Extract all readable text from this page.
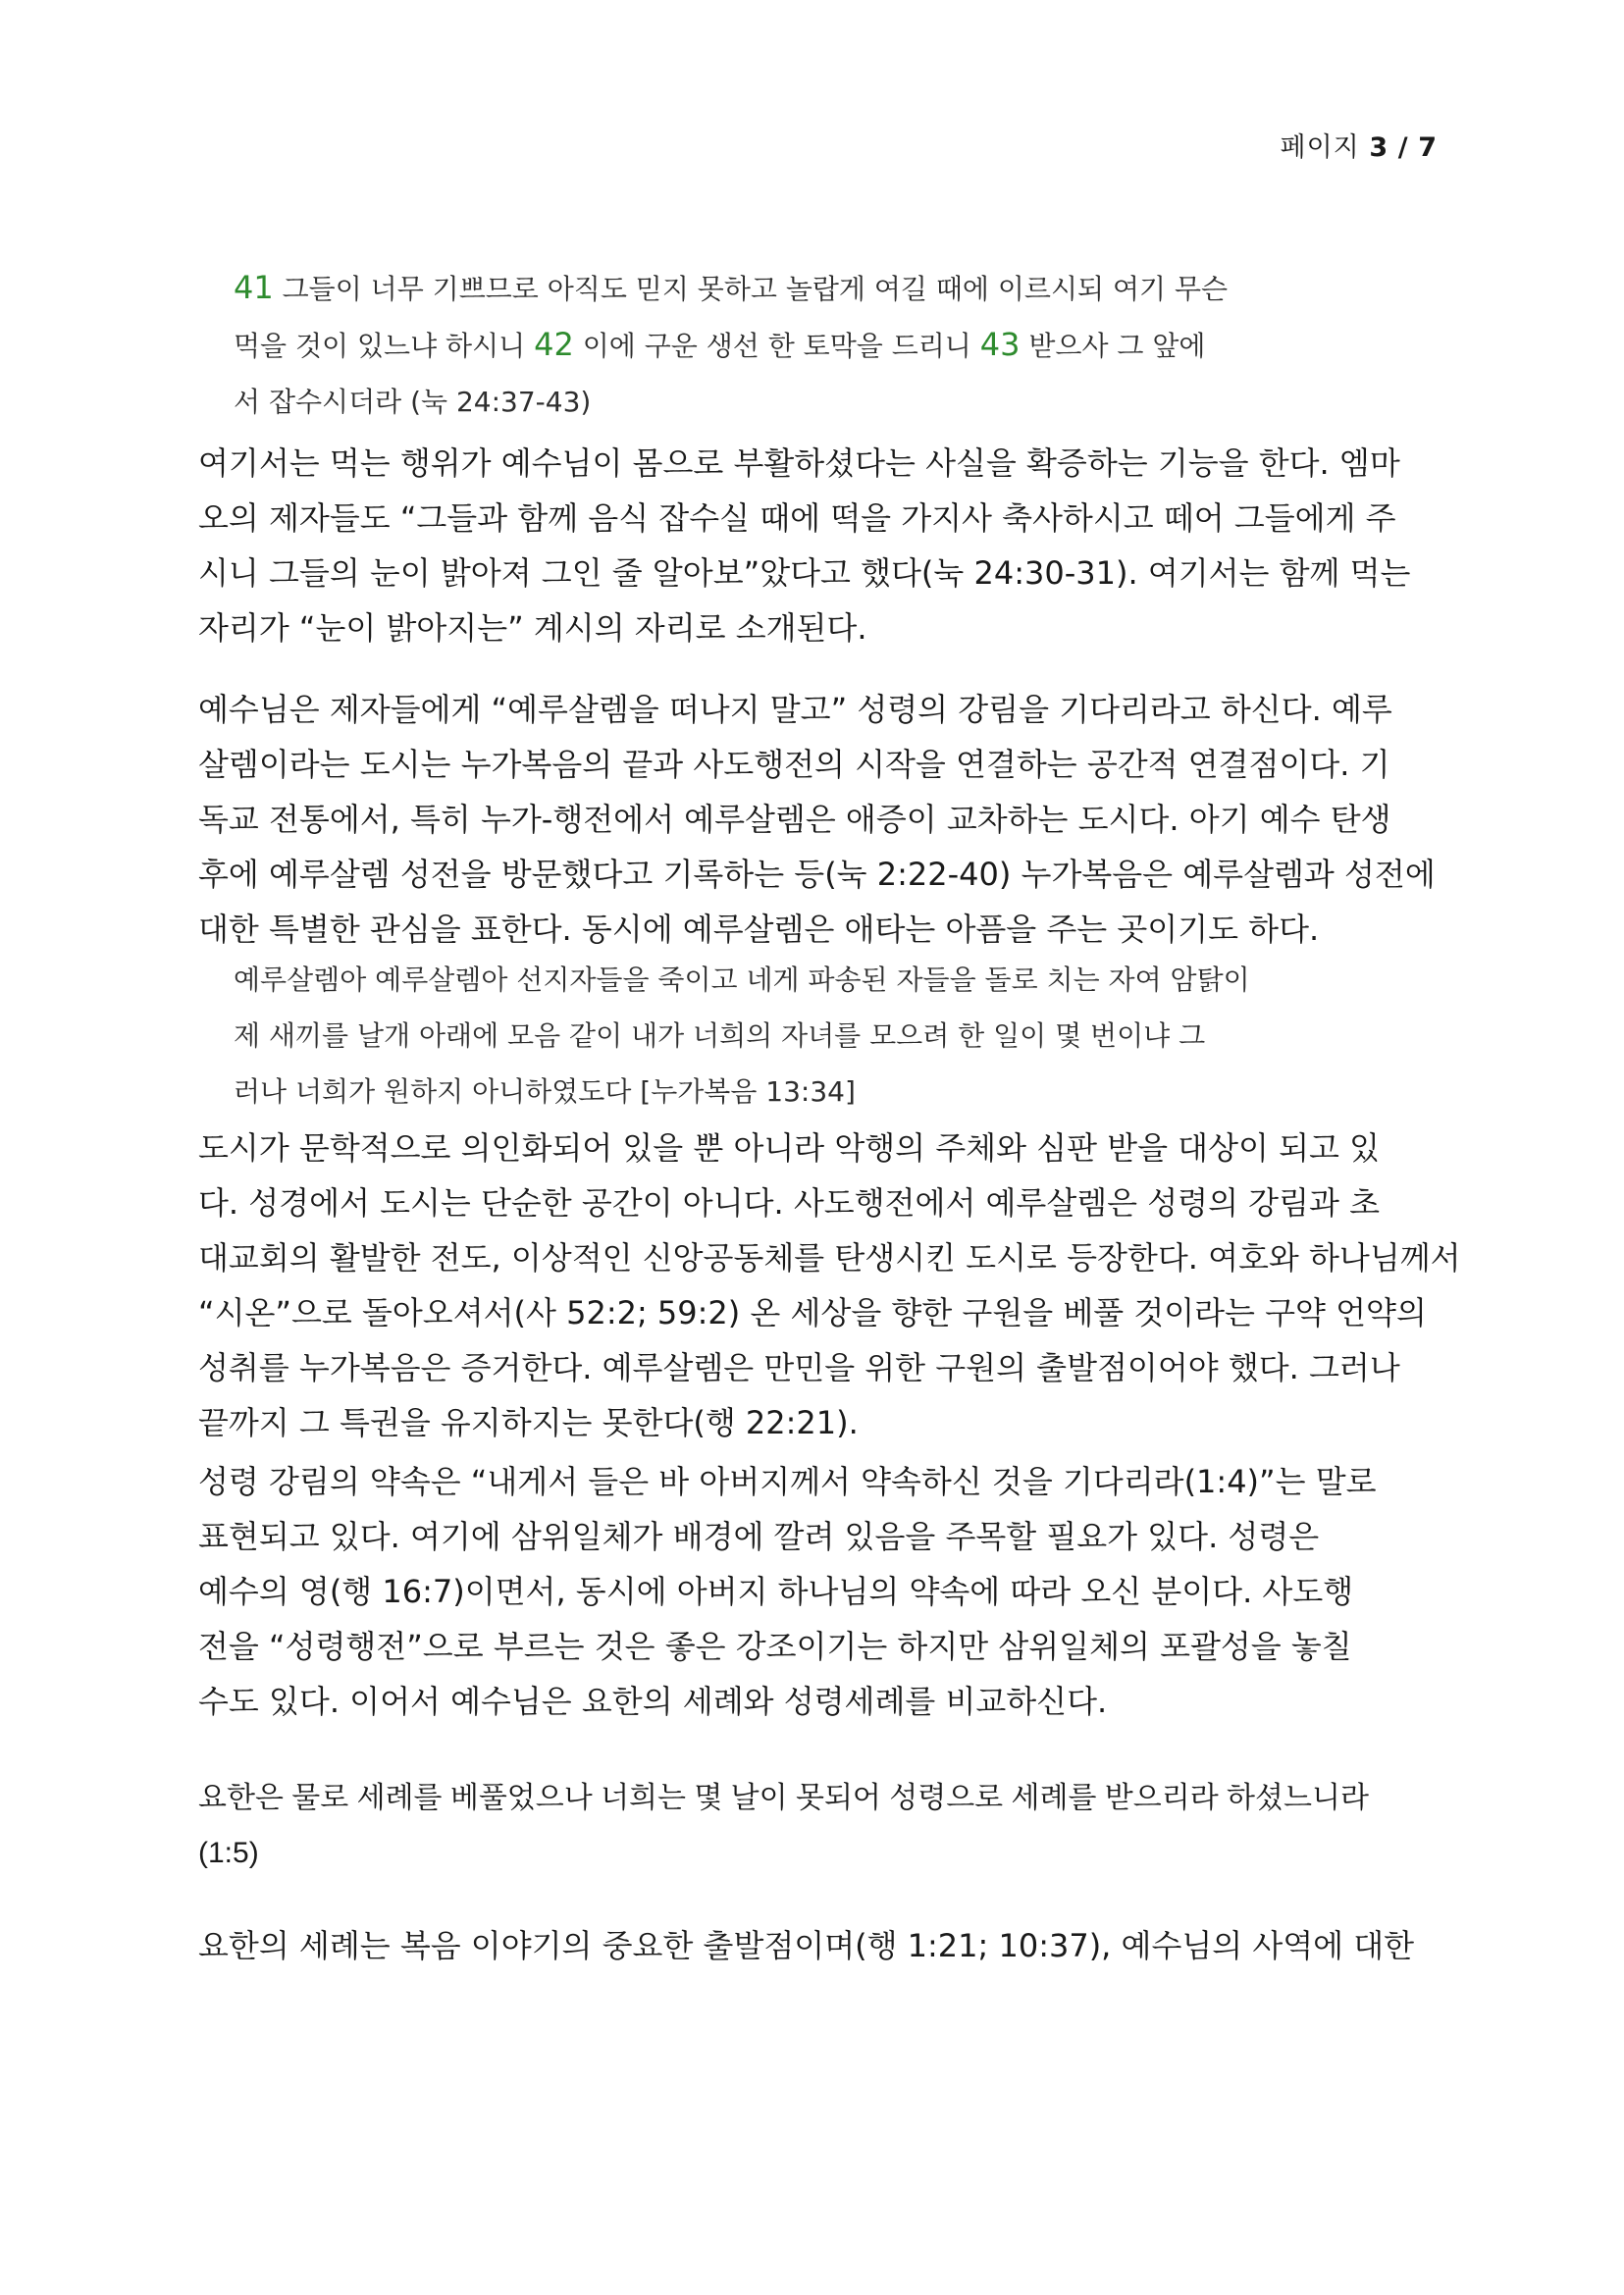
페이지 3 / 7
41 그들이 너무 기쁘므로 아직도 믿지 못하고 놀랍게 여길 때에 이르시되 여기 무슨
먹을 것이 있느냐 하시니 42 이에 구운 생선 한 토막을 드리니 43 받으사 그 앞에
서 잡수시더라 (눅 24:37-43)
여기서는 먹는 행위가 예수님이 몸으로 부활하셨다는 사실을 확증하는 기능을 한다. 엠마
오의 제자들도 “그들과 함께 음식 잡수실 때에 떡을 가지사 축사하시고 떼어 그들에게 주
시니 그들의 눈이 밝아져 그인 줄 알아보”았다고 했다(눅 24:30-31). 여기서는 함께 먹는
자리가 “눈이 밝아지는” 계시의 자리로 소개된다.
예수님은 제자들에게 “예루살렘을 떠나지 말고” 성령의 강림을 기다리라고 하신다. 예루
살렘이라는 도시는 누가복음의 끝과 사도행전의 시작을 연결하는 공간적 연결점이다. 기
독교 전통에서, 특히 누가-행전에서 예루살렘은 애증이 교차하는 도시다. 아기 예수 탄생
후에 예루살렘 성전을 방문했다고 기록하는 등(눅 2:22-40) 누가복음은 예루살렘과 성전에
대한 특별한 관심을 표한다. 동시에 예루살렘은 애타는 아픔을 주는 곳이기도 하다.
예루살렘아 예루살렘아 선지자들을 죽이고 네게 파송된 자들을 돌로 치는 자여 암탉이
제 새끼를 날개 아래에 모음 같이 내가 너희의 자녀를 모으려 한 일이 몇 번이냐 그
러나 너희가 원하지 아니하였도다 [누가복음 13:34]
도시가 문학적으로 의인화되어 있을 뿐 아니라 악행의 주체와 심판 받을 대상이 되고 있
다. 성경에서 도시는 단순한 공간이 아니다. 사도행전에서 예루살렘은 성령의 강림과 초
대교회의 활발한 전도, 이상적인 신앙공동체를 탄생시킨 도시로 등장한다. 여호와 하나님께서
“시온”으로 돌아오셔서(사 52:2; 59:2) 온 세상을 향한 구원을 베풀 것이라는 구약 언약의
성취를 누가복음은 증거한다. 예루살렘은 만민을 위한 구원의 출발점이어야 했다. 그러나
끝까지 그 특권을 유지하지는 못한다(행 22:21).
성령 강림의 약속은 “내게서 들은 바 아버지께서 약속하신 것을 기다리라(1:4)”는 말로
표현되고 있다. 여기에 삼위일체가 배경에 깔려 있음을 주목할 필요가 있다. 성령은
예수의 영(행 16:7)이면서, 동시에 아버지 하나님의 약속에 따라 오신 분이다. 사도행
전을 “성령행전”으로 부르는 것은 좋은 강조이기는 하지만 삼위일체의 포괄성을 놓칠
수도 있다. 이어서 예수님은 요한의 세례와 성령세례를 비교하신다.
요한은 물로 세례를 베풀었으나 너희는 몇 날이 못되어 성령으로 세례를 받으리라 하셨느니라
(1:5)
요한의 세례는 복음 이야기의 중요한 출발점이며(행 1:21; 10:37), 예수님의 사역에 대한
